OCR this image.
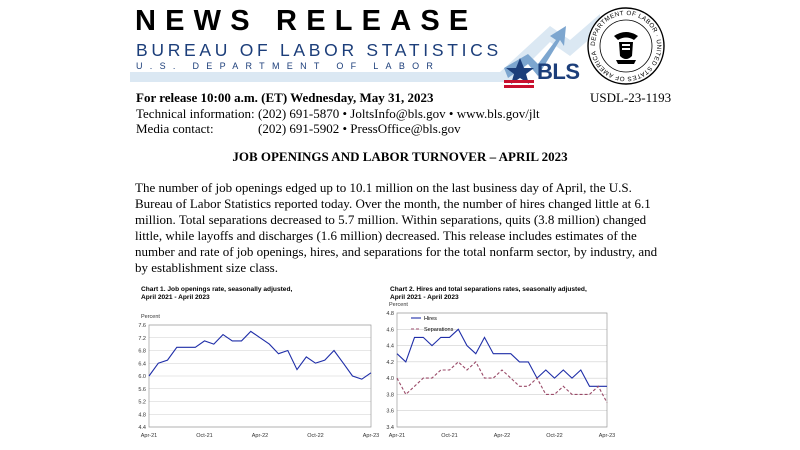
BLS
DEPARTMENT OF LABOR · UNITED STATES OF AMERICA
NEWS RELEASE
BUREAU OF LABOR STATISTICS
U.S. DEPARTMENT OF LABOR
For release 10:00 a.m. (ET) Wednesday, May 31, 2023	USDL-23-1193
Technical information: (202) 691-5870 • JoltsInfo@bls.gov • www.bls.gov/jlt
Media contact:	(202) 691-5902 • PressOffice@bls.gov
JOB OPENINGS AND LABOR TURNOVER – APRIL 2023
The number of job openings edged up to 10.1 million on the last business day of April, the U.S. Bureau of Labor Statistics reported today. Over the month, the number of hires changed little at 6.1 million. Total separations decreased to 5.7 million. Within separations, quits (3.8 million) changed little, while layoffs and discharges (1.6 million) decreased. This release includes estimates of the number and rate of job openings, hires, and separations for the total nonfarm sector, by industry, and by establishment size class.
Chart 1. Job openings rate, seasonally adjusted,
April 2021 - April 2023
Percent
7.6
7.2
6.8
6.4
6.0
5.6
5.2
4.8
4.4
Apr-21	Oct-21	Apr-22	Oct-22	Apr-23
Chart 2. Hires and total separations rates, seasonally adjusted,
April 2021 - April 2023
Percent
4.8
4.6
4.4
4.2
4.0
3.8
3.6
3.4
Apr-21	Oct-21	Apr-22	Oct-22	Apr-23
Hires
Separations
